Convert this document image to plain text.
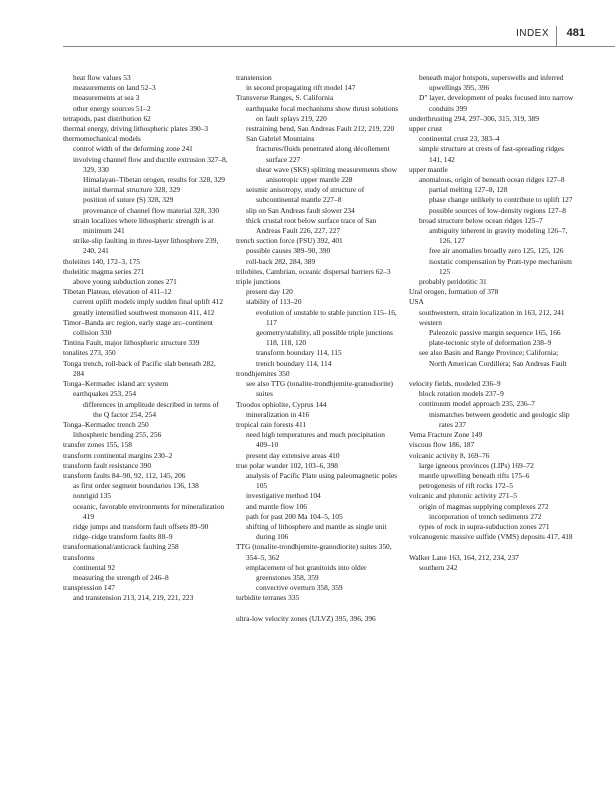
INDEX 481
heat flow values 53
measurements on land 52–3
measurements at sea 3
other energy sources 51–2
tetrapods, past distribution 62
thermal energy, driving lithospheric plates 390–3
thermomechanical models
control width of the deforming zone 241
involving channel flow and ductile extrusion 327–8, 329, 330
Himalayan–Tibetan orogen, results for 328, 329
initial thermal structure 328, 329
position of suture (S) 328, 329
provenance of channel flow material 328, 330
strain localizes where lithospheric strength is at minimum 241
strike-slip faulting in three-layer lithosphere 239, 240, 241
tholeiites 140, 172–3, 175
tholeiitic magma series 271
above young subduction zones 271
Tibetan Plateau, elevation of 411–12
current uplift models imply sudden final uplift 412
greatly intensified southwest monsoon 411, 412
Timor–Banda arc region, early stage arc–continent collision 330
Tintina Fault, major lithospheric structure 339
tonalites 273, 350
Tonga trench, roll-back of Pacific slab beneath 282, 284
Tonga–Kermadec island arc system
earthquakes 253, 254
differences in amplitude described in terms of the Q factor 254, 254
Tonga–Kermadec trench 250
lithospheric bending 255, 256
transfer zones 155, 158
transform continental margins 230–2
transform fault resistance 390
transform faults 84–90, 92, 112, 145, 206
as first order segment boundaries 136, 138
nonrigid 135
oceanic, favorable environments for mineralization 419
ridge jumps and transform fault offsets 89–90
ridge–ridge transform faults 88–9
transformational/anticrack faulting 258
transforms
continental 92
measuring the strength of 246–8
transpression 147
and transtension 213, 214, 219, 221, 223
transtension
in second propagating rift model 147
Transverse Ranges, S. California
earthquake focal mechanisms show thrust solutions on fault splays 219, 220
restraining bend, San Andreas Fault 212, 219, 220
San Gabriel Mountains
fractures/fluids penetrated along décollement surface 227
shear wave (SKS) splitting measurements show anisotropic upper mantle 228
seismic anisotropy, study of structure of subcontinental mantle 227–8
slip on San Andreas fault slower 234
thick crustal root below surface trace of San Andreas Fault 226, 227, 227
trench suction force (FSU) 392, 401
possible causes 389–90, 390
roll-back 282, 284, 389
trilobites, Cambrian, oceanic dispersal barriers 62–3
triple junctions
present day 120
stability of 113–20
evolution of unstable to stable junction 115–16, 117
geometry/stability, all possible triple junctions 118, 118, 120
transform boundary 114, 115
trench boundary 114, 114
trondhjemites 350
see also TTG (tonalite-trondhjemite-granodiorite) suites
Troodos ophiolite, Cyprus 144
mineralization in 416
tropical rain forests 411
need high temperatures and much precipitation 409–10
present day extensive areas 410
true polar wander 102, 103–6, 398
analysis of Pacific Plate using paleomagnetic poles 105
investigative method 104
and mantle flow 106
path for past 200 Ma 104–5, 105
shifting of lithosphere and mantle as single unit during 106
TTG (tonalite-trondhjemite-granodiorite) suites 350, 354–5, 362
emplacement of hot granitoids into older greenstones 358, 359
convective overturn 358, 359
turbidite terranes 335
ultra-low velocity zones (ULVZ) 395, 396, 396
beneath major hotspots, superswells and inferred upwellings 395, 396
D″ layer, development of peaks focused into narrow conduits 399
underthrusting 294, 297–306, 315, 319, 389
upper crust
continental crust 23, 383–4
simple structure at crests of fast-spreading ridges 141, 142
upper mantle
anomalous, origin of beneath ocean ridges 127–8
partial melting 127–8, 128
phase change unlikely to contribute to uplift 127
possible sources of low-density regions 127–8
broad structure below ocean ridges 125–7
ambiguity inherent in gravity modeling 126–7, 126, 127
free air anomalies broadly zero 125, 125, 126
isostatic compensation by Pratt-type mechanism 125
probably peridotitic 31
Ural orogen, formation of 378
USA
southwestern, strain localization in 163, 212, 241
western
Paleozoic passive margin sequence 165, 166
plate-tectonic style of deformation 238–9
see also Basin and Range Province; California; North American Cordillera; San Andreas Fault
velocity fields, modeled 236–9
block rotation models 237–9
continuum model approach 235, 236–7
mismatches between geodetic and geologic slip rates 237
Vema Fracture Zone 149
viscous flow 186, 187
volcanic activity 8, 169–76
large igneous provinces (LIPs) 169–72
mantle upwelling beneath rifts 175–6
petrogenesis of rift rocks 172–5
volcanic and plutonic activity 271–5
origin of magmas supplying complexes 272
incorporation of trench sediments 272
types of rock in supra-subduction zones 271
volcanogenic massive sulfide (VMS) deposits 417, 418
Walker Lane 163, 164, 212, 234, 237
southern 242
